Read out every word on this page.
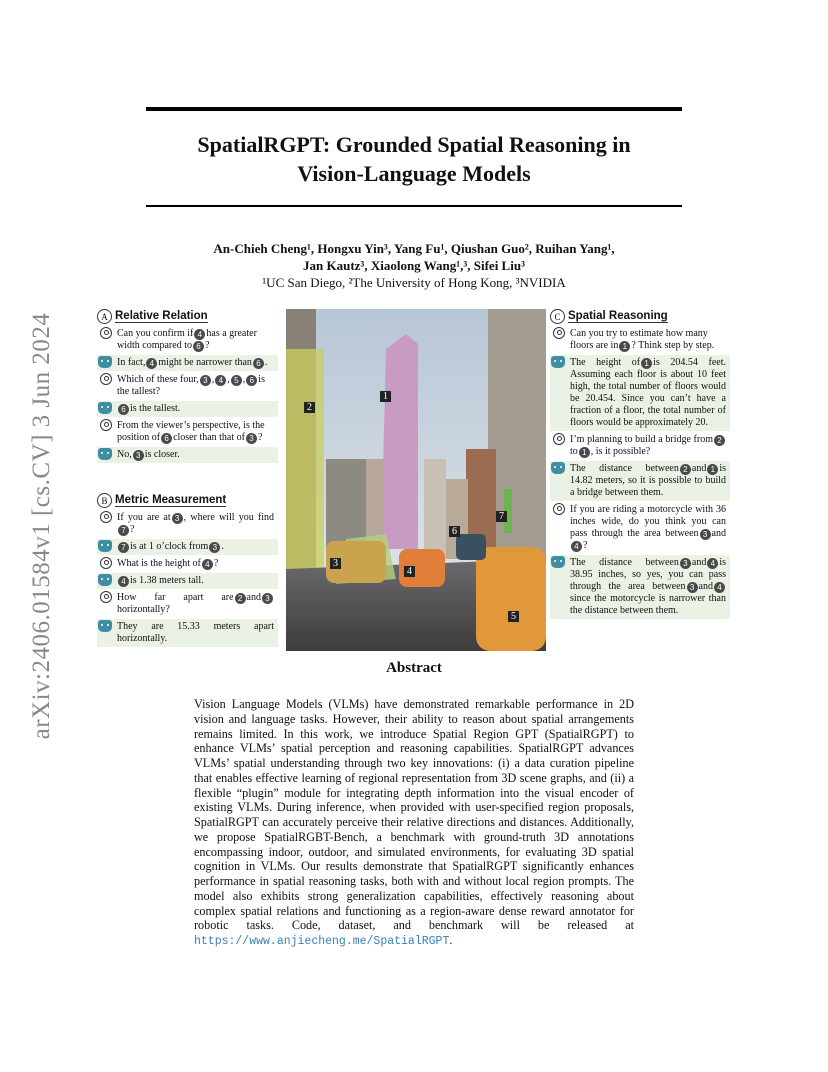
SpatialRGPT: Grounded Spatial Reasoning in
Vision-Language Models
An-Chieh Cheng¹, Hongxu Yin³, Yang Fu¹, Qiushan Guo², Ruihan Yang¹,
Jan Kautz³, Xiaolong Wang¹,³, Sifei Liu³
¹UC San Diego, ²The University of Hong Kong, ³NVIDIA
arXiv:2406.01584v1 [cs.CV] 3 Jun 2024	A Relative Relation
Can you confirm if 4 has a greater width compared to 6 ?
In fact, 4 might be narrower than 6 .
Which of these four, 3 , 4 , 5 , 6 is the tallest?
6 is the tallest.
From the viewer’s perspective, is the position of 6 closer than that of 3 ?
No, 3 is closer.
B Metric Measurement
If you are at 3 , where will you find7 ?
7 is at 1 o’clock from 3 .
What is the height of 4 ?
4 is 1.38 meters tall.
How far apart are 2 and 3horizontally?
They are 15.33 meters apart horizontally.
1
2
3
4
5
6
7
C Spatial Reasoning
Can you try to estimate how many floors are in 1 ? Think step by step.
The height of 1 is 204.54 feet. Assuming each floor is about 10 feet high, the total number of floors would be 20.454. Since you can’t have a fraction of a floor, the total number of floors would be approximately 20.
I’m planning to build a bridge from 2to 1 , is it possible?
The distance between 2 and 1 is 14.82 meters, so it is possible to build a bridge between them.
If you are riding a motorcycle with 36 inches wide, do you think you can pass through the area between 3 and4 ?
The distance between 3 and 4 is 38.95 inches, so yes, you can pass through the area between 3 and 4since the motorcycle is narrower than the distance between them.
Abstract
Vision Language Models (VLMs) have demonstrated remarkable performance in 2D vision and language tasks. However, their ability to reason about spatial arrangements remains limited. In this work, we introduce Spatial Region GPT (SpatialRGPT) to enhance VLMs’ spatial perception and reasoning capabilities. SpatialRGPT advances VLMs’ spatial understanding through two key innovations: (i) a data curation pipeline that enables effective learning of regional representation from 3D scene graphs, and (ii) a flexible “plugin” module for integrating depth information into the visual encoder of existing VLMs. During inference, when provided with user-specified region proposals, SpatialRGPT can accurately perceive their relative directions and distances. Additionally, we propose SpatialRGBT-Bench, a benchmark with ground-truth 3D annotations encompassing indoor, outdoor, and simulated environments, for evaluating 3D spatial cognition in VLMs. Our results demonstrate that SpatialRGPT significantly enhances performance in spatial reasoning tasks, both with and without local region prompts. The model also exhibits strong generalization capabilities, effectively reasoning about complex spatial relations and functioning as a region-aware dense reward annotator for robotic tasks. Code, dataset, and benchmark will be released at https://www.anjiecheng.me/SpatialRGPT.
